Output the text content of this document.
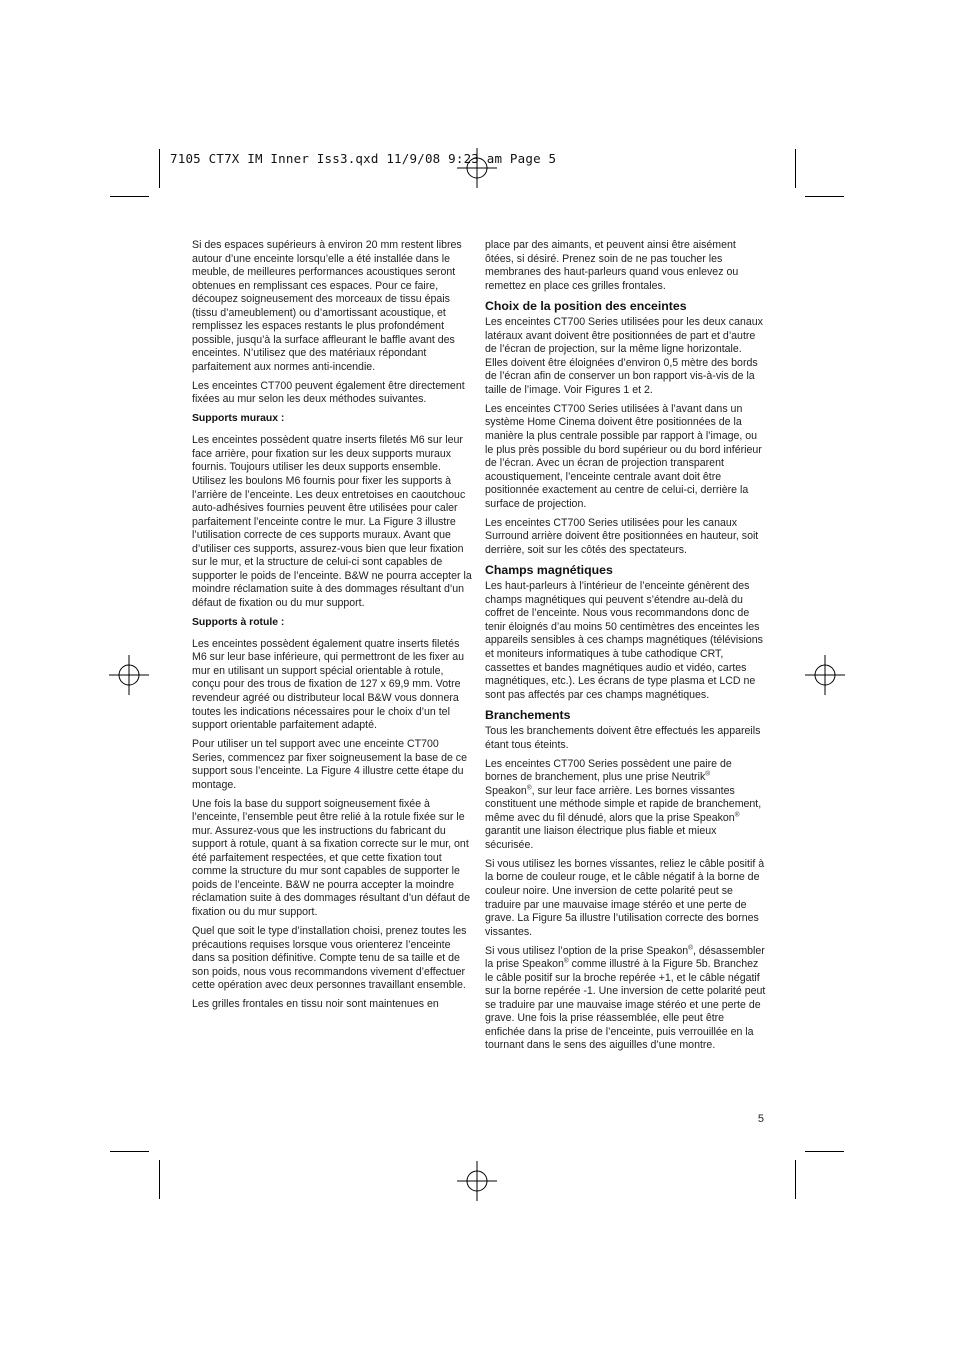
7105 CT7X IM Inner Iss3.qxd 11/9/08 9:23 am Page 5

Si des espaces supérieurs à environ 20 mm restent libres autour d’une enceinte lorsqu’elle a été installée dans le meuble, de meilleures performances acoustiques seront obtenues en remplissant ces espaces. Pour ce faire, découpez soigneusement des morceaux de tissu épais (tissu d’ameublement) ou d’amortissant acoustique, et remplissez les espaces restants le plus profondément possible, jusqu’à la surface affleurant le baffle avant des enceintes. N’utilisez que des matériaux répondant parfaitement aux normes anti-incendie.

Les enceintes CT700 peuvent également être directement fixées au mur selon les deux méthodes suivantes.

Supports muraux :

Les enceintes possèdent quatre inserts filetés M6 sur leur face arrière, pour fixation sur les deux supports muraux fournis. Toujours utiliser les deux supports ensemble. Utilisez les boulons M6 fournis pour fixer les supports à l’arrière de l’enceinte. Les deux entretoises en caoutchouc auto-adhésives fournies peuvent être utilisées pour caler parfaitement l’enceinte contre le mur. La Figure 3 illustre l’utilisation correcte de ces supports muraux. Avant que d’utiliser ces supports, assurez-vous bien que leur fixation sur le mur, et la structure de celui-ci sont capables de supporter le poids de l’enceinte. B&W ne pourra accepter la moindre réclamation suite à des dommages résultant d’un défaut de fixation ou du mur support.

Supports à rotule :

Les enceintes possèdent également quatre inserts filetés M6 sur leur base inférieure, qui permettront de les fixer au mur en utilisant un support spécial orientable à rotule, conçu pour des trous de fixation de 127 x 69,9 mm. Votre revendeur agréé ou distributeur local B&W vous donnera toutes les indications nécessaires pour le choix d’un tel support orientable parfaitement adapté.

Pour utiliser un tel support avec une enceinte CT700 Series, commencez par fixer soigneusement la base de ce support sous l’enceinte. La Figure 4 illustre cette étape du montage.

Une fois la base du support soigneusement fixée à l’enceinte, l’ensemble peut être relié à la rotule fixée sur le mur. Assurez-vous que les instructions du fabricant du support à rotule, quant à sa fixation correcte sur le mur, ont été parfaitement respectées, et que cette fixation tout comme la structure du mur sont capables de supporter le poids de l’enceinte. B&W ne pourra accepter la moindre réclamation suite à des dommages résultant d’un défaut de fixation ou du mur support.

Quel que soit le type d’installation choisi, prenez toutes les précautions requises lorsque vous orienterez l’enceinte dans sa position définitive. Compte tenu de sa taille et de son poids, nous vous recommandons vivement d’effectuer cette opération avec deux personnes travaillant ensemble.

Les grilles frontales en tissu noir sont maintenues en

place par des aimants, et peuvent ainsi être aisément ôtées, si désiré. Prenez soin de ne pas toucher les membranes des haut-parleurs quand vous enlevez ou remettez en place ces grilles frontales.

Choix de la position des enceintes

Les enceintes CT700 Series utilisées pour les deux canaux latéraux avant doivent être positionnées de part et d’autre de l’écran de projection, sur la même ligne horizontale. Elles doivent être éloignées d’environ 0,5 mètre des bords de l’écran afin de conserver un bon rapport vis-à-vis de la taille de l’image. Voir Figures 1 et 2.

Les enceintes CT700 Series utilisées à l’avant dans un système Home Cinema doivent être positionnées de la manière la plus centrale possible par rapport à l’image, ou le plus près possible du bord supérieur ou du bord inférieur de l’écran. Avec un écran de projection transparent acoustiquement, l’enceinte centrale avant doit être positionnée exactement au centre de celui-ci, derrière la surface de projection.

Les enceintes CT700 Series utilisées pour les canaux Surround arrière doivent être positionnées en hauteur, soit derrière, soit sur les côtés des spectateurs.

Champs magnétiques

Les haut-parleurs à l’intérieur de l’enceinte génèrent des champs magnétiques qui peuvent s’étendre au-delà du coffret de l’enceinte. Nous vous recommandons donc de tenir éloignés d’au moins 50 centimètres des enceintes les appareils sensibles à ces champs magnétiques (télévisions et moniteurs informatiques à tube cathodique CRT, cassettes et bandes magnétiques audio et vidéo, cartes magnétiques, etc.). Les écrans de type plasma et LCD ne sont pas affectés par ces champs magnétiques.

Branchements

Tous les branchements doivent être effectués les appareils étant tous éteints.

Les enceintes CT700 Series possèdent une paire de bornes de branchement, plus une prise Neutrik®
Speakon®, sur leur face arrière. Les bornes vissantes constituent une méthode simple et rapide de branchement, même avec du fil dénudé, alors que la prise Speakon® garantit une liaison électrique plus fiable et mieux sécurisée.

Si vous utilisez les bornes vissantes, reliez le câble positif à la borne de couleur rouge, et le câble négatif à la borne de couleur noire. Une inversion de cette polarité peut se traduire par une mauvaise image stéréo et une perte de grave. La Figure 5a illustre l’utilisation correcte des bornes vissantes.

Si vous utilisez l’option de la prise Speakon®, désassembler la prise Speakon® comme illustré à la Figure 5b. Branchez le câble positif sur la broche repérée +1, et le câble négatif sur la borne repérée -1. Une inversion de cette polarité peut se traduire par une mauvaise image stéréo et une perte de grave. Une fois la prise réassemblée, elle peut être enfichée dans la prise de l’enceinte, puis verrouillée en la tournant dans le sens des aiguilles d’une montre.

5
